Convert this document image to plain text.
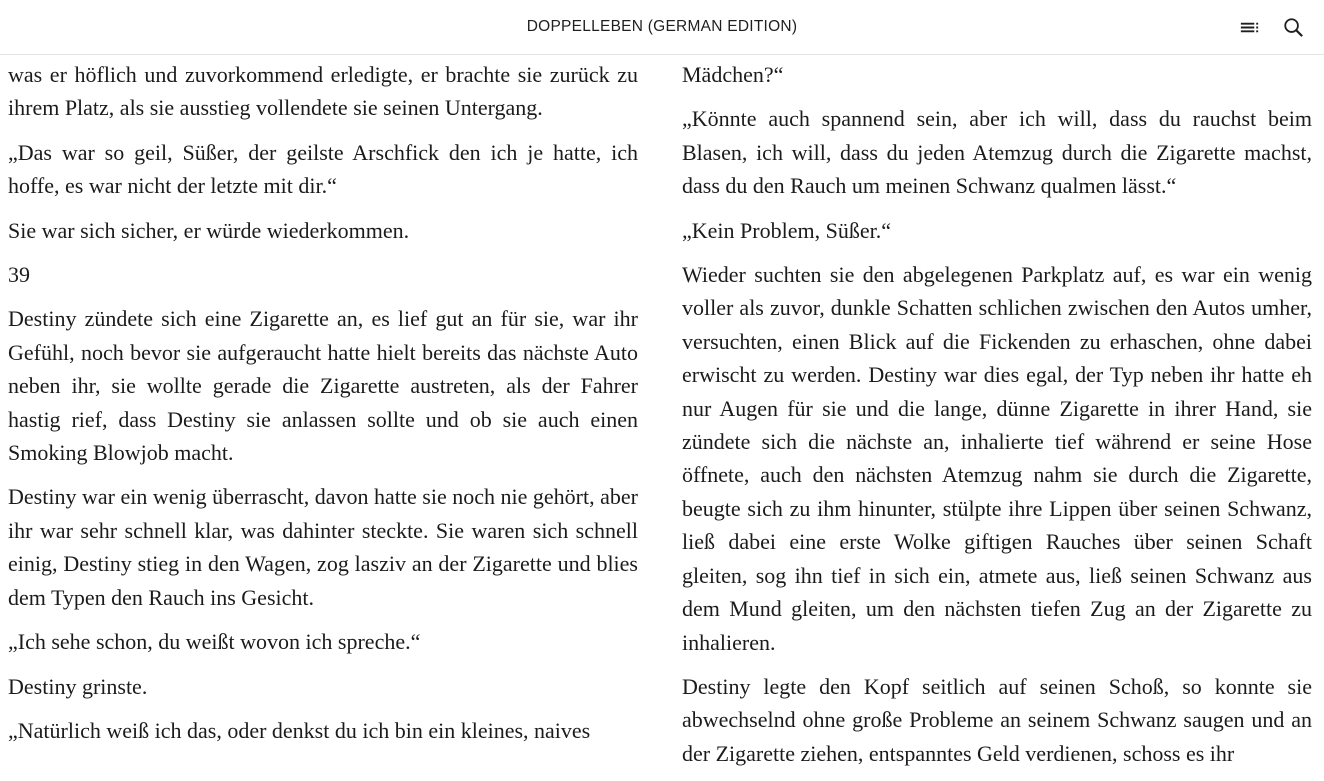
DOPPELLEBEN (GERMAN EDITION)

was er höflich und zuvorkommend erledigte, er brachte sie zurück zu ihrem Platz, als sie ausstieg vollendete sie seinen Untergang.

„Das war so geil, Süßer, der geilste Arschfick den ich je hatte, ich hoffe, es war nicht der letzte mit dir.“

Sie war sich sicher, er würde wiederkommen.

39

Destiny zündete sich eine Zigarette an, es lief gut an für sie, war ihr Gefühl, noch bevor sie aufgeraucht hatte hielt bereits das nächste Auto neben ihr, sie wollte gerade die Zigarette austreten, als der Fahrer hastig rief, dass Destiny sie anlassen sollte und ob sie auch einen Smoking Blowjob macht.

Destiny war ein wenig überrascht, davon hatte sie noch nie gehört, aber ihr war sehr schnell klar, was dahinter steckte. Sie waren sich schnell einig, Destiny stieg in den Wagen, zog lasziv an der Zigarette und blies dem Typen den Rauch ins Gesicht.

„Ich sehe schon, du weißt wovon ich spreche.“

Destiny grinste.

„Natürlich weiß ich das, oder denkst du ich bin ein kleines, naives

Mädchen?“

„Könnte auch spannend sein, aber ich will, dass du rauchst beim Blasen, ich will, dass du jeden Atemzug durch die Zigarette machst, dass du den Rauch um meinen Schwanz qualmen lässt.“

„Kein Problem, Süßer.“

Wieder suchten sie den abgelegenen Parkplatz auf, es war ein wenig voller als zuvor, dunkle Schatten schlichen zwischen den Autos umher, versuchten, einen Blick auf die Fickenden zu erhaschen, ohne dabei erwischt zu werden. Destiny war dies egal, der Typ neben ihr hatte eh nur Augen für sie und die lange, dünne Zigarette in ihrer Hand, sie zündete sich die nächste an, inhalierte tief während er seine Hose öffnete, auch den nächsten Atemzug nahm sie durch die Zigarette, beugte sich zu ihm hinunter, stülpte ihre Lippen über seinen Schwanz, ließ dabei eine erste Wolke giftigen Rauches über seinen Schaft gleiten, sog ihn tief in sich ein, atmete aus, ließ seinen Schwanz aus dem Mund gleiten, um den nächsten tiefen Zug an der Zigarette zu inhalieren.

Destiny legte den Kopf seitlich auf seinen Schoß, so konnte sie abwechselnd ohne große Probleme an seinem Schwanz saugen und an der Zigarette ziehen, entspanntes Geld verdienen, schoss es ihr
